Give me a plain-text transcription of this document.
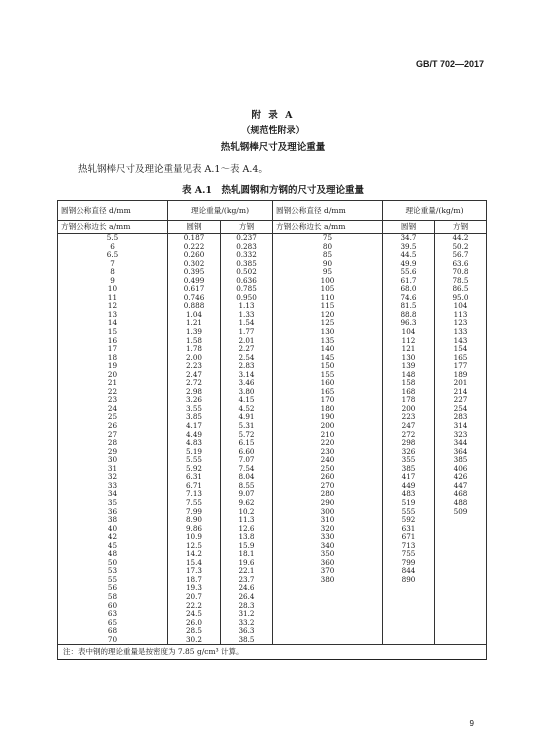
GB/T 702—2017
附 录 A
（规范性附录）
热轧钢棒尺寸及理论重量
热轧钢棒尺寸及理论重量见表 A.1～表 A.4。
表 A.1　热轧圆钢和方钢的尺寸及理论重量
圆钢公称直径 d/mm	理论重量/(kg/m)		圆钢公称直径 d/mm	理论重量/(kg/m)	
方钢公称边长 a/mm	圆钢	方钢	方钢公称边长 a/mm	圆钢	方钢
5.5	0.187	0.237	75	34.7	44.2
6	0.222	0.283	80	39.5	50.2
6.5	0.260	0.332	85	44.5	56.7
7	0.302	0.385	90	49.9	63.6
8	0.395	0.502	95	55.6	70.8
9	0.499	0.636	100	61.7	78.5
10	0.617	0.785	105	68.0	86.5
11	0.746	0.950	110	74.6	95.0
12	0.888	1.13	115	81.5	104
13	1.04	1.33	120	88.8	113
14	1.21	1.54	125	96.3	123
15	1.39	1.77	130	104	133
16	1.58	2.01	135	112	143
17	1.78	2.27	140	121	154
18	2.00	2.54	145	130	165
19	2.23	2.83	150	139	177
20	2.47	3.14	155	148	189
21	2.72	3.46	160	158	201
22	2.98	3.80	165	168	214
23	3.26	4.15	170	178	227
24	3.55	4.52	180	200	254
25	3.85	4.91	190	223	283
26	4.17	5.31	200	247	314
27	4.49	5.72	210	272	323
28	4.83	6.15	220	298	344
29	5.19	6.60	230	326	364
30	5.55	7.07	240	355	385
31	5.92	7.54	250	385	406
32	6.31	8.04	260	417	426
33	6.71	8.55	270	449	447
34	7.13	9.07	280	483	468
35	7.55	9.62	290	519	488
36	7.99	10.2	300	555	509
38	8.90	11.3	310	592	
40	9.86	12.6	320	631	
42	10.9	13.8	330	671	
45	12.5	15.9	340	713	
48	14.2	18.1	350	755	
50	15.4	19.6	360	799	
53	17.3	22.1	370	844	
55	18.7	23.7	380	890	
56	19.3	24.6			
58	20.7	26.4			
60	22.2	28.3			
63	24.5	31.2			
65	26.0	33.2			
68	28.5	36.3			
70	30.2	38.5			
注：表中钢的理论重量是按密度为 7.85 g/cm³ 计算。					
9
